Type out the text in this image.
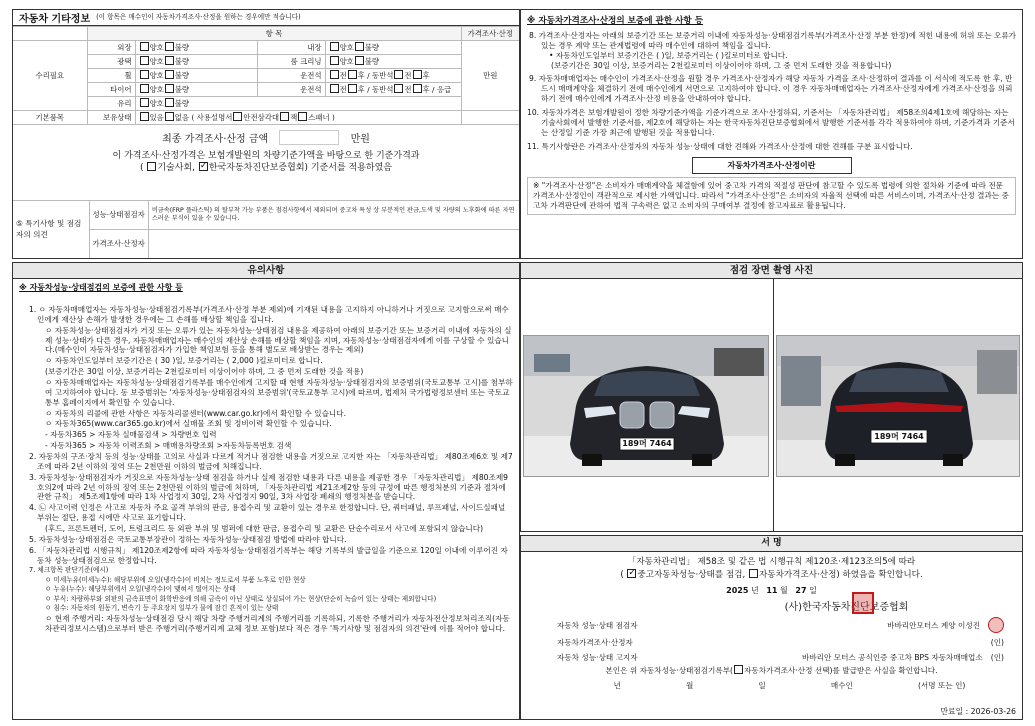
자동차 기타정보 (이 항목은 매수인이 자동차가격조사·산정을 원하는 경우에만 적습니다)
	항 목				가격조사·산정
수리필요	외장	양호 불량	내장	양호 불량	만원
	광택	양호 불량	룸 크리닝	양호 불량	
	휠	양호 불량	운전석	전 후 / 동반석 전 후	
	타이어	양호 불량	운전석	전 후 / 동반석 전 후 / 응급	
	유리	양호 불량			
기본품목	보유상태	있음 없음 ( 사용설명서 안전삼각대 잭 스패너 )			
최종 가격조사·산정 금액	만원
이 가격조사·산정가격은 보험개발원의 차량기준가액을 바탕으로 한 기준가격과
( 기술사회, ✓ 한국자동차진단보증협회) 기준서를 적용하였음
⑤ 특기사항 및 점검자의 의견	성능·상태점검자	비금속(FRP 플라스틱) 의 탈부착 가능 부품은 점검사항에서 제외되며 중고차 특성 상 부분적인 판금,도색 및 자량의 노후화에 따른 자연스러운 부식이 있을 수 있습니다.
	가격조사·산정자	
※ 자동차가격조사·산정의 보증에 관한 사항 등
8. 가격조사·산정자는 아래의 보증기간 또는 보증거리 이내에 자동차성능·상태점검기록부(가격조사·산정 부분 한정)에 적힌 내용에 허위 또는 오류가 있는 경우 계약 또는 관계법령에 따라 매수인에 대하여 책임을 집니다.
• 자동차인도일부터 보증기간은 ( )일, 보증거리는 ( )킬로미터로 합니다.
(보증기간은 30일 이상, 보증거리는 2천킬로미터 이상이어야 하며, 그 중 먼저 도래한 것을 적용합니다)
9. 자동차매매업자는 매수인이 가격조사·산정을 원할 경우 가격조사·산정자가 해당 자동차 가격을 조사·산정하여 결과를 이 서식에 적도록 한 후, 반드시 매매계약을 체결하기 전에 매수인에게 서면으로 고지하여야 합니다. 이 경우 자동차매매업자는 가격조사·산정자에게 가격조사·산정을 의뢰하기 전에 매수인에게 가격조사·산정 비용을 안내하여야 합니다.
10. 자동차가격은 보험개발원이 정한 차량기준가액을 기준가격으로 조사·산정하되, 기준서는 「자동차관리법」 제58조의4제1호에 해당하는 자는 기술사회에서 발행한 기준서를, 제2호에 해당하는 자는 한국자동차진단보증협회에서 발행한 기준서를 각각 적용하여야 하며, 기준가격과 기준서는 산정일 기준 가장 최근에 발행된 것을 적용합니다.
11. 특기사항란은 가격조사·산정자의 자동차 성능·상태에 대한 견해와 가격조사·산정에 대한 견해를 구분 표시합니다.
자동차가격조사·산정이란
※ "가격조사·산정"은 소비자가 매매계약을 체결함에 있어 중고차 가격의 적절성 판단에 참고할 수 있도록 법령에 의한 절차와 기준에 따라 전문 가격조사·산정인이 객관적으로 제시한 가액입니다. 따라서 "가격조사·산정"은 소비자의 자율적 선택에 따른 서비스이며, 가격조사·산정 결과는 중고차 가격판단에 관하여 법적 구속력은 없고 소비자의 구매여부 결정에 참고자료로 활용됩니다.
유의사항
※ 자동차성능·상태점검의 보증에 관한 사항 등
1. ㅇ 자동차매매업자는 자동차성능·상태점검기록부(가격조사·산정 부분 제외)에 기재된 내용을 고지하지 아니하거나 거짓으로 고지함으로써 매수인에게 재산상 손해가 발생한 경우에는 그 손해를 배상할 책임을 집니다.
ㅇ 자동차성능·상태점검자가 거짓 또는 오류가 있는 자동차성능·상태점검 내용을 제공하여 아래의 보증기간 또는 보증거리 이내에 자동차의 실제 성능·상태가 다른 경우, 자동차매매업자는 매수인의 재산상 손해를 배상할 책임을 지며, 자동차성능·상태점검자에게 이를 구상할 수 있습니다.(매수인이 자동차성능·상태점검자가 가입한 책임보험 등을 통해 별도로 배상받는 경우는 제외)
ㅇ 자동차인도일부터 보증기간은 ( 30 )일, 보증거리는 ( 2,000 )킬로미터로 합니다.
(보증기간은 30일 이상, 보증거리는 2천킬로미터 이상이어야 하며, 그 중 먼저 도래한 것을 적용)
ㅇ 자동차매매업자는 자동차성능·상태점검기록부를 매수인에게 고지할 때 현행 자동차성능·상태점검자의 보증범위(국토교통부 고시)를 첨부하여 고지하여야 합니다. 동 보증범위는 '자동차성능·상태점검자의 보증범위'(국토교통부 고시)에 따르며, 법제처 국가법령정보센터 또는 국토교통부 홈페이지에서 확인할 수 있습니다.
ㅇ 자동차의 리콜에 관한 사항은 자동차리콜센터(www.car.go.kr)에서 확인할 수 있습니다.
ㅇ 자동차365(www.car365.go.kr)에서 실매물 조회 및 정비이력 확인할 수 있습니다.
- 자동차365 > 자동차 실매물검색 > 차량번호 입력
- 자동차365 > 자동차 이력조회 > 매매용차량조회 >자동차등록번호 검색
2. 자동차의 구조·장치 등의 성능·상태를 고의로 사실과 다르게 적거나 점검한 내용을 거짓으로 고지한 자는 「자동차관리법」 제80조제6호 및 제7조에 따라 2년 이하의 징역 또는 2천만원 이하의 벌금에 처해집니다.
3. 자동차성능·상태점검자가 거짓으로 자동차성능·상태 점검을 하거나 실제 점검한 내용과 다른 내용을 제공한 경우 「자동차관리법」 제80조제9호의2에 따라 2년 이하의 징역 또는 2천만원 이하의 벌금에 처하며, 「자동차관리법 제21조제2항 등의 규정에 따른 행정처분의 기준과 절차에 관한 규칙」 제5조제1항에 따라 1차 사업정지 30일, 2차 사업정지 90일, 3차 사업장 폐쇄의 행정처분을 받습니다.
4. ㉡ 사고이력 인정은 사고로 자동차 주요 골격 부위의 판금, 용접수리 및 교환이 있는 경우로 한정합니다. 단, 쿼터패널, 루프패널, 사이드실패널 부위는 절단, 용접 시에만 사고로 표기합니다.
(후드, 프론트펜더, 도어, 트렁크리드 등 외판 부위 및 범퍼에 대한 판금, 용접수리 및 교환은 단순수리로서 사고에 포함되지 않습니다)
5. 자동차성능·상태점검은 국토교통부장관이 정하는 자동차성능·상태점검 방법에 따라야 합니다.
6. 「자동차관리법 시행규칙」 제120조제2항에 따라 자동차성능·상태점검기록부는 해당 기록부의 발급일을 기준으로 120일 이내에 이루어진 자동차 성능·상태점검으로 한정합니다.
7. 체크항목 판단기준(예시)
ㅇ 미세누유(미세누수): 해당부위에 오일(냉각수)이 비치는 정도로서 부품 노후로 인한 현상
ㅇ 누유(누수): 해당부위에서 오일(냉각수)이 맺혀서 떨어지는 상태
ㅇ 부식: 차량하부와 외판의 금속표면이 화학반응에 의해 금속이 아닌 상태로 상실되어 가는 현상(단순히 녹슬어 있는 상태는 제외합니다)
ㅇ 침수: 자동차의 원동기, 변속기 등 주요장치 일부가 물에 잠긴 흔적이 있는 상태
ㅇ 현재 주행거리: 자동차성능·상태점검 당시 해당 차량 주행거리계의 주행거리를 기록하되, 기록한 주행거리가 자동차전산정보처리조직(자동차관리정보시스템)으로부터 받은 주행거리(주행거리계 교체 정보 포함)보다 적은 경우 '특기사항 및 점검자의 의견'란에 이를 적어야 합니다.
점검 장면 촬영 사진
189머 7464
189머 7464
서 명
「자동차관리법」 제58조 및 같은 법 시행규칙 제120조·제123조의5에 따라
( ✓중고자동차성능·상태를 점검, 자동차가격조사·산정) 하였음을 확인합니다.
2025 년 11 월 27 일
(사)한국자동차진단보증협회
자동차 성능·상태 점검자	바바리안모터스 계양 이성진
자동차가격조사·산정자	(인)
자동차 성능·상태 고지자	바바리안 모터스 공식인증 중고차 BPS 자동차매매업소	(인)
본인은 위 자동차성능·상태점검기록부( 자동차가격조사·산정 선택)를 발급받은 사실을 확인합니다.
년	월	일	매수인	(서명 또는 인)
만료일 : 2026-03-26
